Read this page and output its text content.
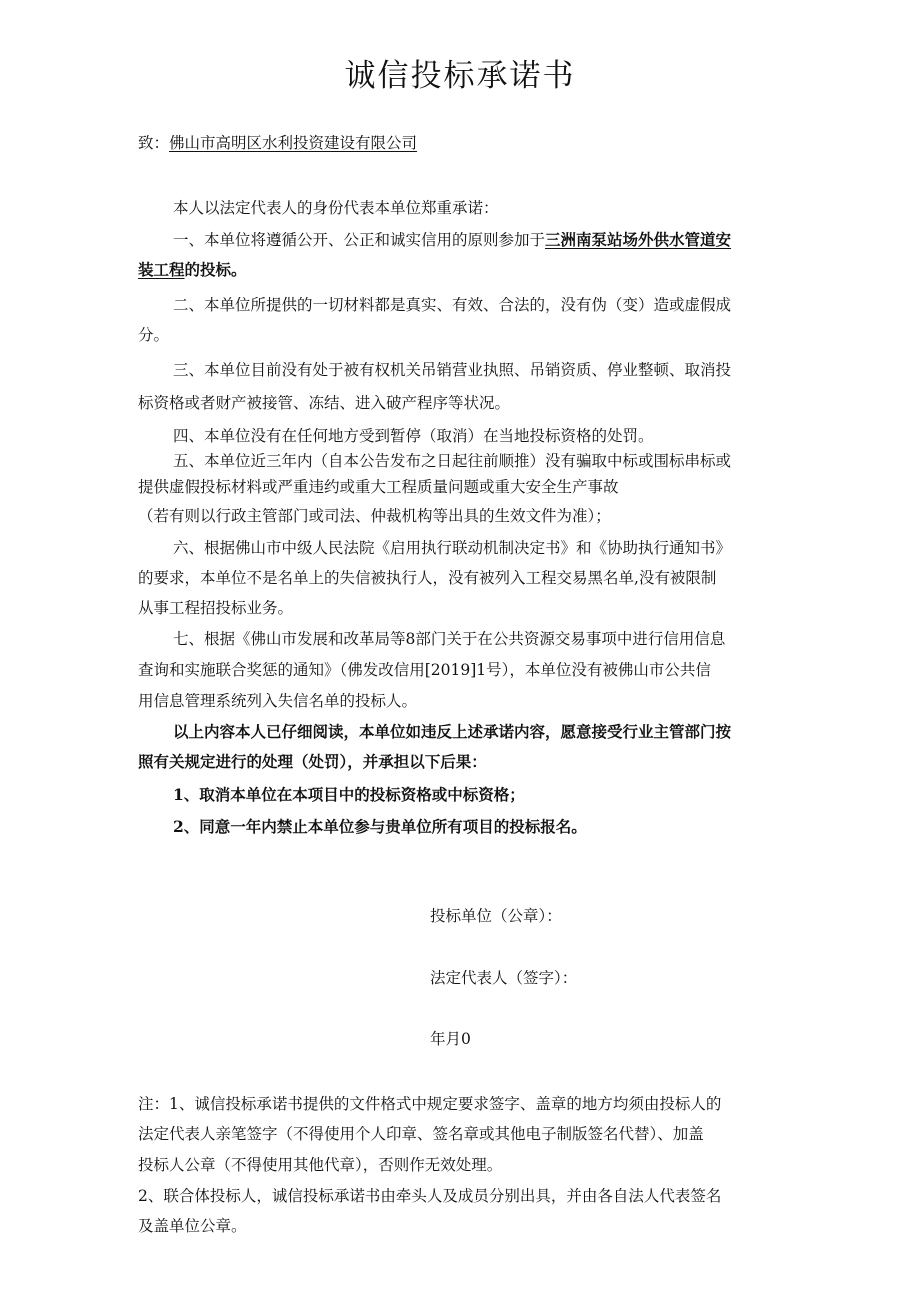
诚信投标承诺书
致：佛山市高明区水利投资建设有限公司
本人以法定代表人的身份代表本单位郑重承诺：
一、本单位将遵循公开、公正和诚实信用的原则参加于三洲南泵站场外供水管道安
装工程的投标。
二、本单位所提供的一切材料都是真实、有效、合法的，没有伪（变）造或虚假成
分。
三、本单位目前没有处于被有权机关吊销营业执照、吊销资质、停业整顿、取消投
标资格或者财产被接管、冻结、进入破产程序等状况。
四、本单位没有在任何地方受到暂停（取消）在当地投标资格的处罚。
五、本单位近三年内（自本公告发布之日起往前顺推）没有骗取中标或围标串标或
提供虚假投标材料或严重违约或重大工程质量问题或重大安全生产事故
（若有则以行政主管部门或司法、仲裁机构等出具的生效文件为准）；
六、根据佛山市中级人民法院《启用执行联动机制决定书》和《协助执行通知书》
的要求，本单位不是名单上的失信被执行人，没有被列入工程交易黑名单,没有被限制
从事工程招投标业务。
七、根据《佛山市发展和改革局等8部门关于在公共资源交易事项中进行信用信息
查询和实施联合奖惩的通知》（佛发改信用[2019]1号），本单位没有被佛山市公共信
用信息管理系统列入失信名单的投标人。
以上内容本人已仔细阅读，本单位如违反上述承诺内容，愿意接受行业主管部门按
照有关规定进行的处理（处罚），并承担以下后果：
1、取消本单位在本项目中的投标资格或中标资格；
2、同意一年内禁止本单位参与贵单位所有项目的投标报名。
投标单位（公章）：
法定代表人（签字）：
年月0
注：1、诚信投标承诺书提供的文件格式中规定要求签字、盖章的地方均须由投标人的
法定代表人亲笔签字（不得使用个人印章、签名章或其他电子制版签名代替）、加盖
投标人公章（不得使用其他代章），否则作无效处理。
2、联合体投标人，诚信投标承诺书由牵头人及成员分别出具，并由各自法人代表签名
及盖单位公章。
